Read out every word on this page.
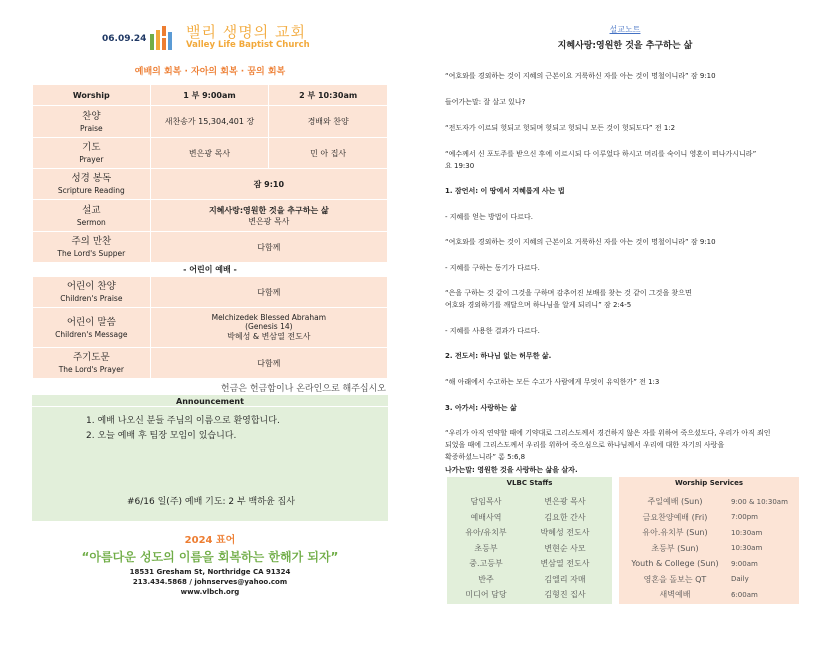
06.09.24	밸리 생명의 교회
Valley Life Baptist Church
예배의 회복 · 자아의 회복 · 꿈의 회복
Worship	1 부 9:00am	2 부 10:30am

찬양
Praise	새찬송가 15,304,401 장	경배와 찬양

기도
Prayer	변은광 목사	민 아 집사

성경 봉독
Scripture Reading	잠 9:10	

설교
Sermon	지혜사랑:영원한 것을 추구하는 삶
변은광 목사	

주의 만찬
The Lord's Supper	다함께	
- 어린이 예배 -		

어린이 찬양
Children's Praise	다함께	

어린이 말씀
Children's Message	Melchizedek Blessed Abraham
(Genesis 14)
박혜성 & 변삼열 전도사	

주기도문
The Lord's Prayer	다함께	
헌금은 헌금함이나 온라인으로 해주십시오
Announcement
1. 예배 나오신 분들 주님의 이름으로 환영합니다.
2. 오늘 예배 후 팀장 모임이 있습니다.
#6/16 일(주) 예배 기도: 2 부 백하윤 집사
2024 표어
“아름다운 성도의 이름을 회복하는 한해가 되자”
18531 Gresham St, Northridge CA 91324
213.434.5868 / johnserves@yahoo.com
www.vlbch.org
설교노트
지혜사랑:영원한 것을 추구하는 삶
“여호와를 경외하는 것이 지혜의 근본이요 거룩하신 자를 아는 것이 명철이니라” 잠 9:10
들어가는말: 잘 살고 있나?
“전도자가 이르되 헛되고 헛되며 헛되고 헛되니 모든 것이 헛되도다” 전 1:2
“예수께서 신 포도주를 받으신 후에 이르시되 다 이루었다 하시고 머리를 숙이니 영혼이 떠나가시니라”
요 19:30
1. 잠언서: 이 땅에서 지혜롭게 사는 법
- 지혜를 얻는 방법이 다르다.
“여호와를 경외하는 것이 지혜의 근본이요 거룩하신 자를 아는 것이 명철이니라” 잠 9:10
- 지혜를 구하는 동기가 다르다.
“은을 구하는 것 같이 그것을 구하며 감추어진 보배를 찾는 것 같이 그것을 찾으면
여호와 경외하기를 깨달으며 하나님을 알게 되리니” 잠 2:4-5
- 지혜를 사용한 결과가 다르다.
2. 전도서: 하나님 없는 허무한 삶.
“해 아래에서 수고하는 모든 수고가 사람에게 무엇이 유익한가” 전 1:3
3. 아가서: 사랑하는 삶
“우리가 아직 연약할 때에 기약대로 그리스도께서 경건하지 않은 자를 위하여 죽으셨도다, 우리가 아직 죄인
되었을 때에 그리스도께서 우리를 위하여 죽으심으로 하나님께서 우리에 대한 자기의 사랑을
확증하셨느니라” 롬 5:6,8
나가는말: 영원한 것을 사랑하는 삶을 살자.
VLBC Staffs
담임목사	변은광 목사
예배사역	김요한 간사
유아/유치부	박혜성 전도사
초등부	변현순 사모
중.고등부	변삼열 전도사
반주	김엘리 자매
미디어 담당	김형진 집사
Worship Services
주일예배 (Sun)	9:00 & 10:30am
금요찬양예배 (Fri)	7:00pm
유아.유치부 (Sun)	10:30am
초등부 (Sun)	10:30am
Youth & College (Sun)	9:00am
영혼을 돌보는 QT	Daily
새벽예배	6:00am
